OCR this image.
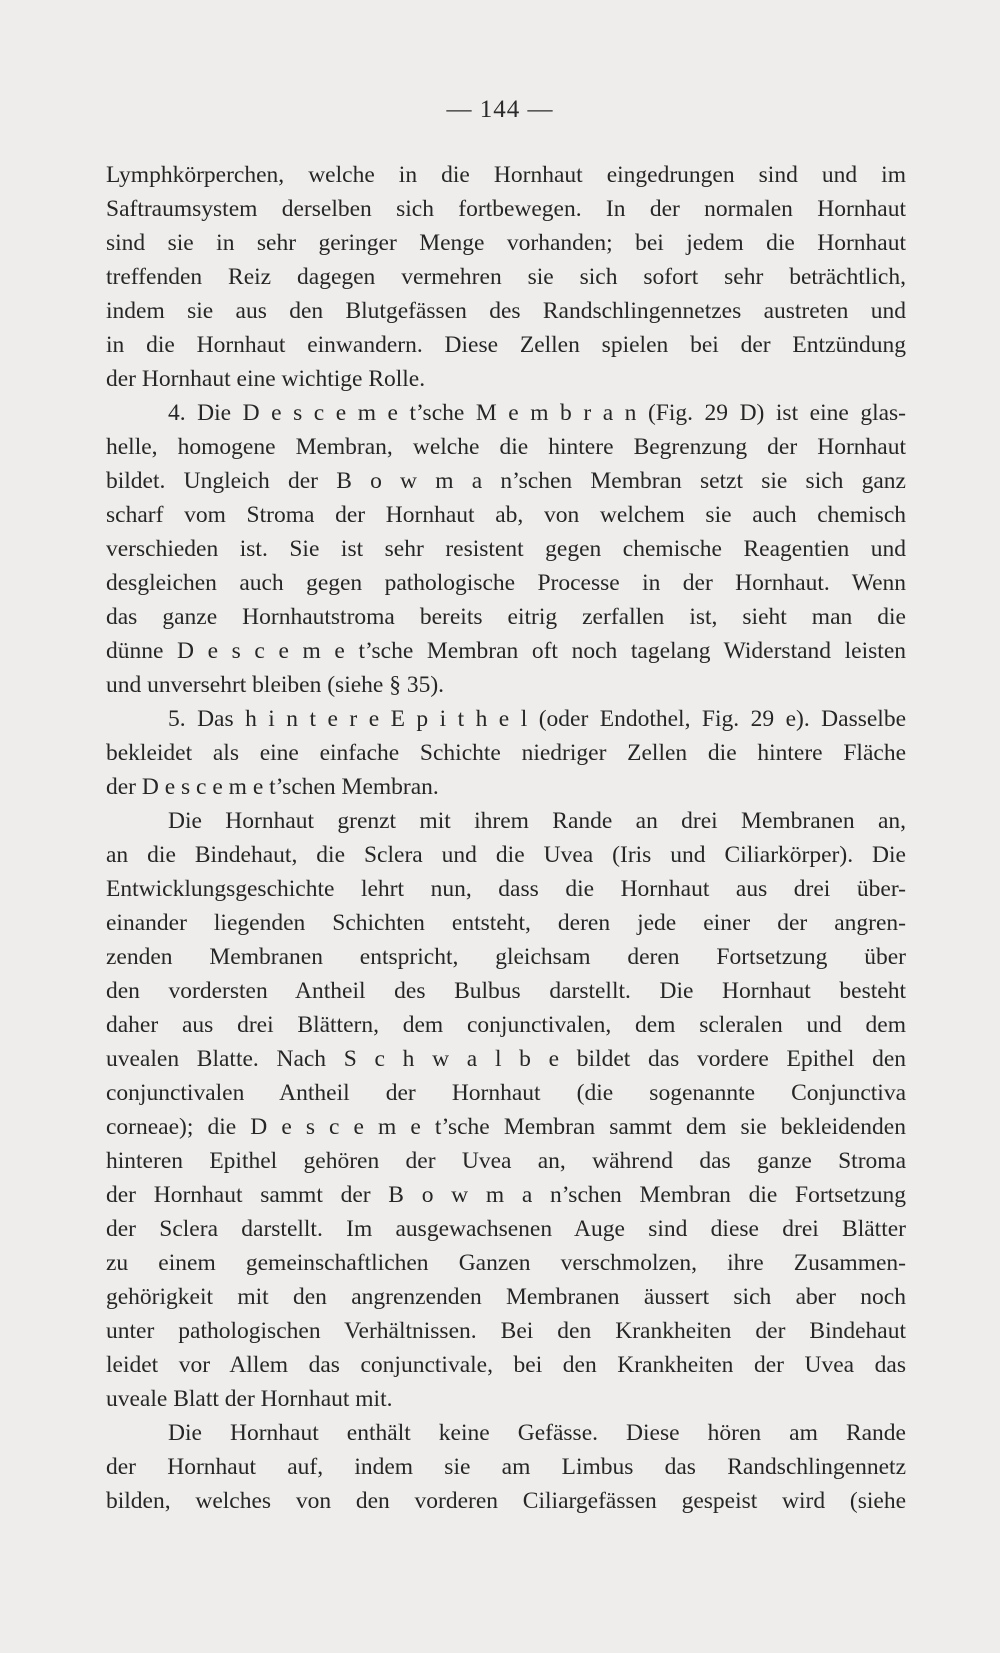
— 144 —
Lymphkörperchen, welche in die Hornhaut eingedrungen sind und im
Saftraumsystem derselben sich fortbewegen. In der normalen Hornhaut
sind sie in sehr geringer Menge vorhanden; bei jedem die Hornhaut
treffenden Reiz dagegen vermehren sie sich sofort sehr beträchtlich,
indem sie aus den Blutgefässen des Randschlingennetzes austreten und
in die Hornhaut einwandern. Diese Zellen spielen bei der Entzündung
der Hornhaut eine wichtige Rolle.
4. Die D e s c e m e t’sche M e m b r a n (Fig. 29 D) ist eine glas-
helle, homogene Membran, welche die hintere Begrenzung der Hornhaut
bildet. Ungleich der B o w m a n’schen Membran setzt sie sich ganz
scharf vom Stroma der Hornhaut ab, von welchem sie auch chemisch
verschieden ist. Sie ist sehr resistent gegen chemische Reagentien und
desgleichen auch gegen pathologische Processe in der Hornhaut. Wenn
das ganze Hornhautstroma bereits eitrig zerfallen ist, sieht man die
dünne D e s c e m e t’sche Membran oft noch tagelang Widerstand leisten
und unversehrt bleiben (siehe § 35).
5. Das h i n t e r e E p i t h e l (oder Endothel, Fig. 29 e). Dasselbe
bekleidet als eine einfache Schichte niedriger Zellen die hintere Fläche
der D e s c e m e t’schen Membran.
Die Hornhaut grenzt mit ihrem Rande an drei Membranen an,
an die Bindehaut, die Sclera und die Uvea (Iris und Ciliarkörper). Die
Entwicklungsgeschichte lehrt nun, dass die Hornhaut aus drei über-
einander liegenden Schichten entsteht, deren jede einer der angren-
zenden Membranen entspricht, gleichsam deren Fortsetzung über
den vordersten Antheil des Bulbus darstellt. Die Hornhaut besteht
daher aus drei Blättern, dem conjunctivalen, dem scleralen und dem
uvealen Blatte. Nach S c h w a l b e bildet das vordere Epithel den
conjunctivalen Antheil der Hornhaut (die sogenannte Conjunctiva
corneae); die D e s c e m e t’sche Membran sammt dem sie bekleidenden
hinteren Epithel gehören der Uvea an, während das ganze Stroma
der Hornhaut sammt der B o w m a n’schen Membran die Fortsetzung
der Sclera darstellt. Im ausgewachsenen Auge sind diese drei Blätter
zu einem gemeinschaftlichen Ganzen verschmolzen, ihre Zusammen-
gehörigkeit mit den angrenzenden Membranen äussert sich aber noch
unter pathologischen Verhältnissen. Bei den Krankheiten der Bindehaut
leidet vor Allem das conjunctivale, bei den Krankheiten der Uvea das
uveale Blatt der Hornhaut mit.
Die Hornhaut enthält keine Gefässe. Diese hören am Rande
der Hornhaut auf, indem sie am Limbus das Randschlingennetz
bilden, welches von den vorderen Ciliargefässen gespeist wird (siehe
